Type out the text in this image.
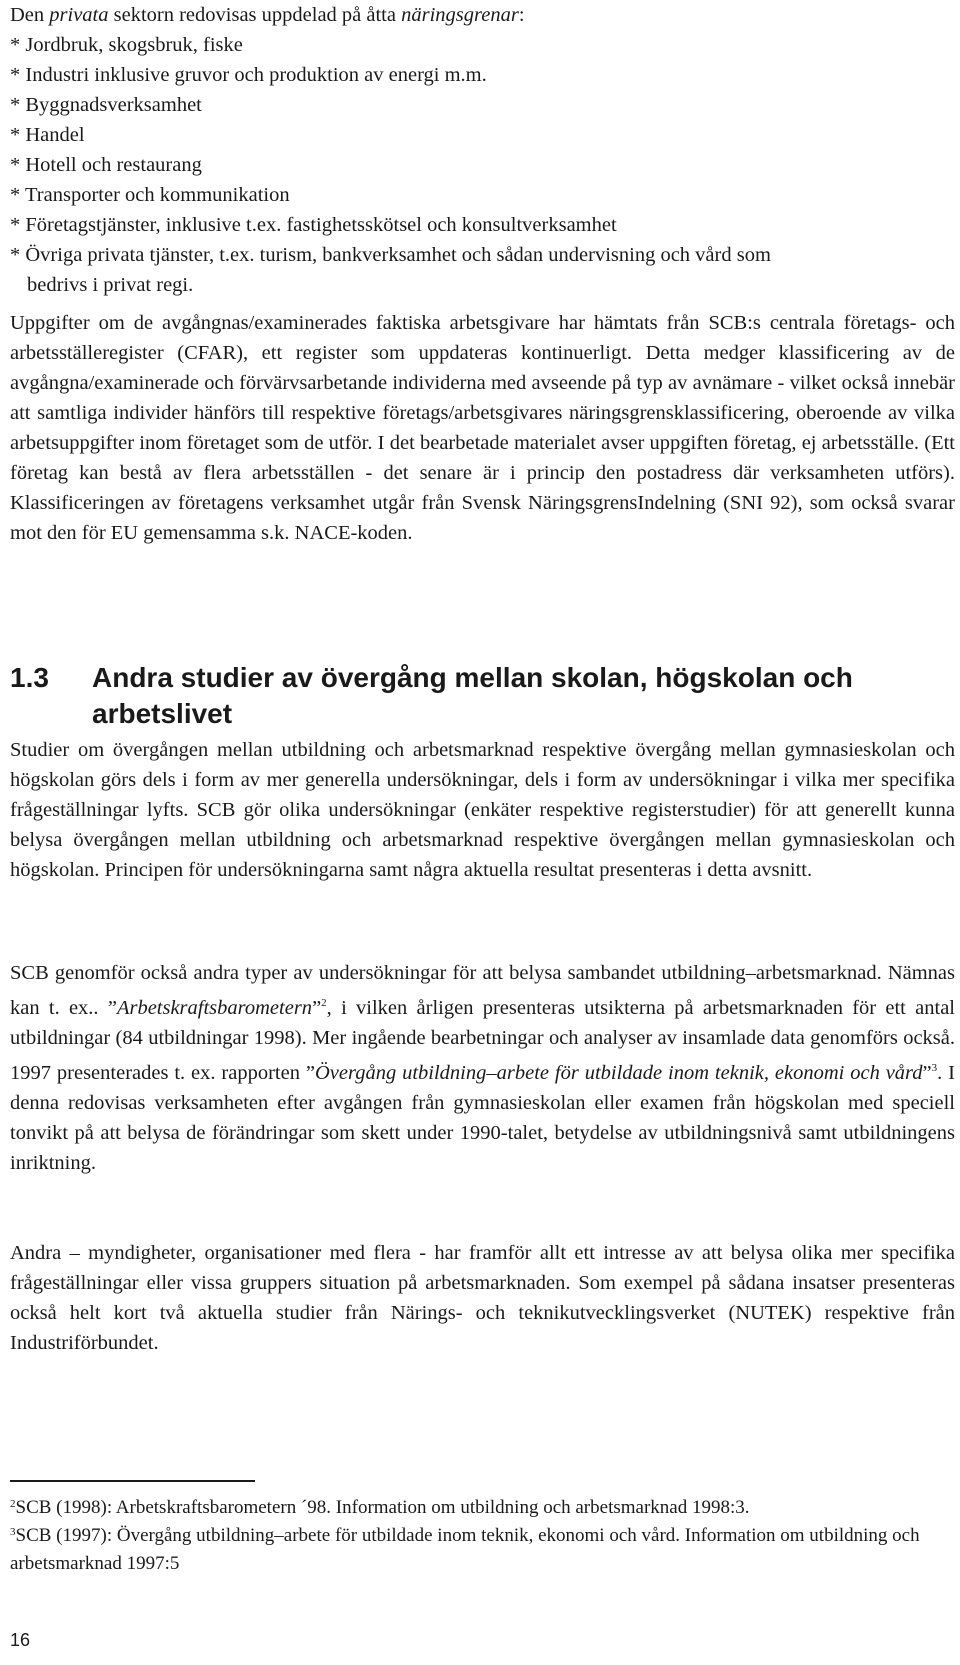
Den privata sektorn redovisas uppdelad på åtta näringsgrenar:

* Jordbruk, skogsbruk, fiske
* Industri inklusive gruvor och produktion av energi m.m.
* Byggnadsverksamhet
* Handel
* Hotell och restaurang
* Transporter och kommunikation
* Företagstjänster, inklusive t.ex. fastighetsskötsel och konsultverksamhet
* Övriga privata tjänster, t.ex. turism, bankverksamhet och sådan undervisning och vård som
bedrivs i privat regi.

Uppgifter om de avgångnas/examinerades faktiska arbetsgivare har hämtats från SCB:s centrala företags- och arbetsställeregister (CFAR), ett register som uppdateras kontinuerligt. Detta medger klassificering av de avgångna/examinerade och förvärvsarbetande individerna med avseende på typ av avnämare - vilket också innebär att samtliga individer hänförs till respektive företags/arbetsgivares näringsgrensklassificering, oberoende av vilka arbetsuppgifter inom företaget som de utför. I det bearbetade materialet avser uppgiften företag, ej arbetsställe. (Ett företag kan bestå av flera arbetsställen - det senare är i princip den postadress där verksamheten utförs). Klassificeringen av företagens verksamhet utgår från Svensk NäringsgrensIndelning (SNI 92), som också svarar mot den för EU gemensamma s.k. NACE-koden.

1.3 Andra studier av övergång mellan skolan, högskolan och
arbetslivet

Studier om övergången mellan utbildning och arbetsmarknad respektive övergång mellan gymnasieskolan och högskolan görs dels i form av mer generella undersökningar, dels i form av undersökningar i vilka mer specifika frågeställningar lyfts. SCB gör olika undersökningar (enkäter respektive registerstudier) för att generellt kunna belysa övergången mellan utbildning och arbetsmarknad respektive övergången mellan gymnasieskolan och högskolan. Principen för undersökningarna samt några aktuella resultat presenteras i detta avsnitt.

SCB genomför också andra typer av undersökningar för att belysa sambandet utbildning–arbetsmarknad. Nämnas kan t. ex.. ”Arbetskraftsbarometern”$^2$, i vilken årligen presenteras utsikterna på arbetsmarknaden för ett antal utbildningar (84 utbildningar 1998). Mer ingående bearbetningar och analyser av insamlade data genomförs också. 1997 presenterades t. ex. rapporten ”Övergång utbildning–arbete för utbildade inom teknik, ekonomi och vård”$^3$. I denna redovisas verksamheten efter avgången från gymnasieskolan eller examen från högskolan med speciell tonvikt på att belysa de förändringar som skett under 1990-talet, betydelse av utbildningsnivå samt utbildningens inriktning.

Andra – myndigheter, organisationer med flera - har framför allt ett intresse av att belysa olika mer specifika frågeställningar eller vissa gruppers situation på arbetsmarknaden. Som exempel på sådana insatser presenteras också helt kort två aktuella studier från Närings- och teknikutvecklingsverket (NUTEK) respektive från Industriförbundet.

$^2$SCB (1998): Arbetskraftsbarometern ´98. Information om utbildning och arbetsmarknad 1998:3.

$^3$SCB (1997): Övergång utbildning–arbete för utbildade inom teknik, ekonomi och vård. Information om utbildning och arbetsmarknad 1997:5

16
